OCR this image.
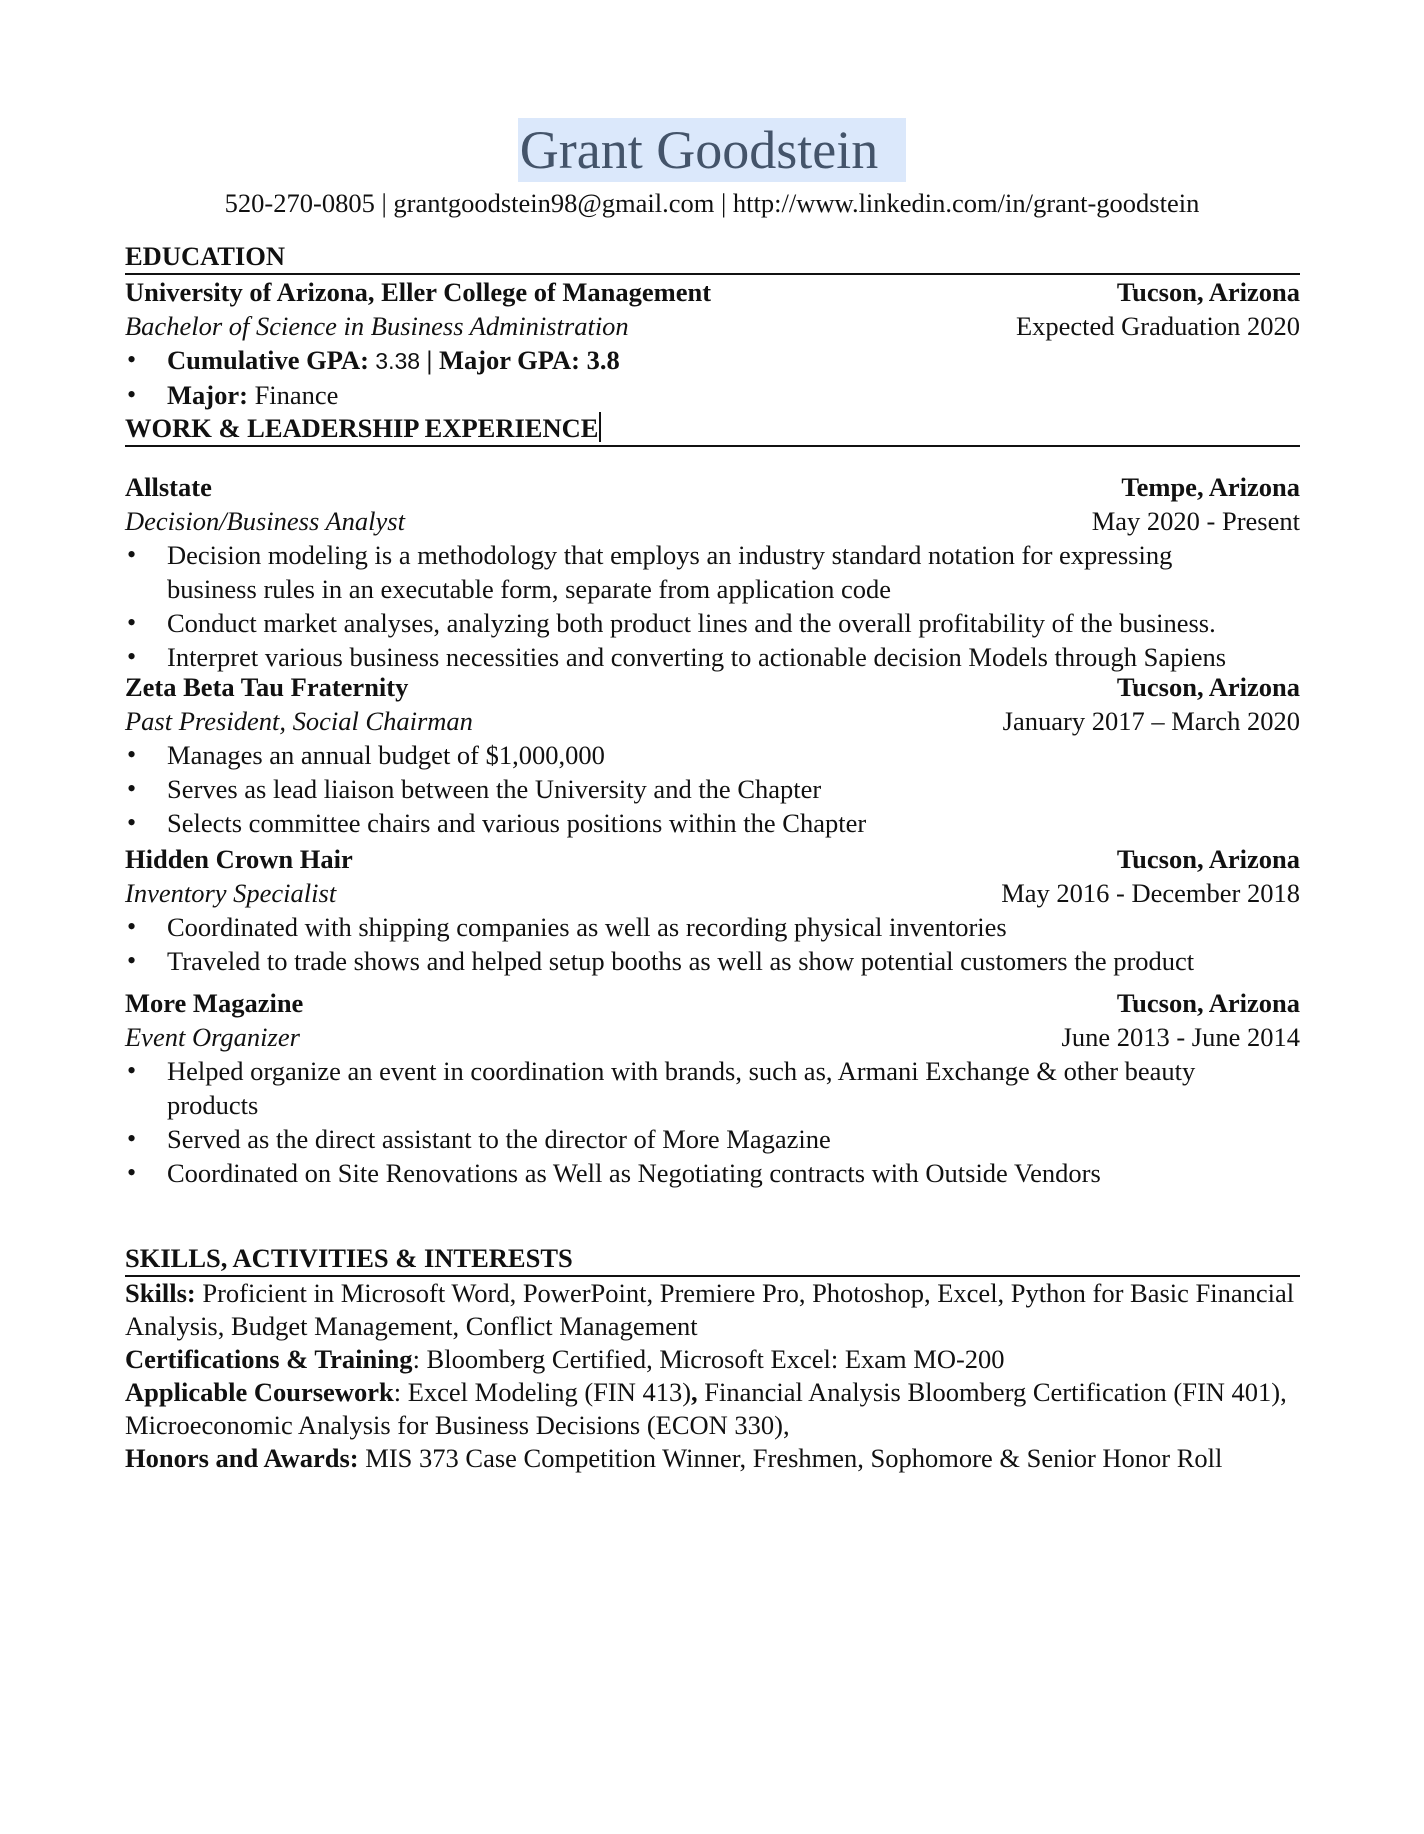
Grant Goodstein
520-270-0805 | grantgoodstein98@gmail.com | http://www.linkedin.com/in/grant-goodstein
EDUCATION
University of Arizona, Eller College of Management	Tucson, Arizona
Bachelor of Science in Business Administration	Expected Graduation 2020
• Cumulative GPA: 3.38 | Major GPA: 3.8
• Major: Finance
WORK & LEADERSHIP EXPERIENCE
Allstate	Tempe, Arizona
Decision/Business Analyst	May 2020 - Present
• Decision modeling is a methodology that employs an industry standard notation for expressing business rules in an executable form, separate from application code
• Conduct market analyses, analyzing both product lines and the overall profitability of the business.
• Interpret various business necessities and converting to actionable decision Models through Sapiens
Zeta Beta Tau Fraternity	Tucson, Arizona
Past President, Social Chairman	January 2017 – March 2020
• Manages an annual budget of $1,000,000
• Serves as lead liaison between the University and the Chapter
• Selects committee chairs and various positions within the Chapter
Hidden Crown Hair	Tucson, Arizona
Inventory Specialist	May 2016 - December 2018
• Coordinated with shipping companies as well as recording physical inventories
• Traveled to trade shows and helped setup booths as well as show potential customers the product
More Magazine	Tucson, Arizona
Event Organizer	June 2013 - June 2014
• Helped organize an event in coordination with brands, such as, Armani Exchange & other beauty products
• Served as the direct assistant to the director of More Magazine
• Coordinated on Site Renovations as Well as Negotiating contracts with Outside Vendors
SKILLS, ACTIVITIES & INTERESTS
Skills: Proficient in Microsoft Word, PowerPoint, Premiere Pro, Photoshop, Excel, Python for Basic Financial Analysis, Budget Management, Conflict Management
Certifications & Training: Bloomberg Certified, Microsoft Excel: Exam MO-200
Applicable Coursework: Excel Modeling (FIN 413), Financial Analysis Bloomberg Certification (FIN 401), Microeconomic Analysis for Business Decisions (ECON 330),
Honors and Awards: MIS 373 Case Competition Winner, Freshmen, Sophomore & Senior Honor Roll
